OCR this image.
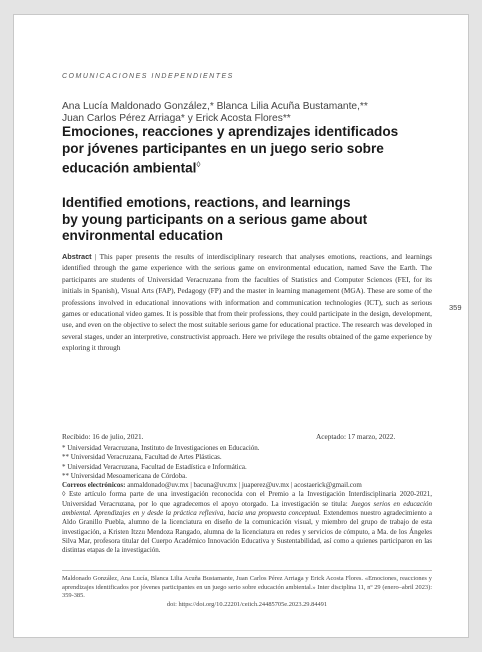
COMUNICACIONES INDEPENDIENTES
Ana Lucía Maldonado González,* Blanca Lilia Acuña Bustamante,**
Juan Carlos Pérez Arriaga* y Erick Acosta Flores**
Emociones, reacciones y aprendizajes identificados
por jóvenes participantes en un juego serio sobre
educación ambiental◊
Identified emotions, reactions, and learnings
by young participants on a serious game about
environmental education
Abstract | This paper presents the results of interdisciplinary research that analyses emotions, reactions, and learnings identified through the game experience with the serious game on environmental education, named Save the Earth. The participants are students of Universidad Veracruzana from the faculties of Statistics and Computer Sciences (FEI, for its initials in Spanish), Visual Arts (FAP), Pedagogy (FP) and the master in learning management (MGA). These are some of the professions involved in educational innovations with information and communication technologies (ICT), such as serious games or educational video games. It is possible that from their professions, they could participate in the design, development, use, and even on the objective to select the most suitable serious game for educational practice. The research was developed in several stages, under an interpretive, constructivist approach. Here we privilege the results obtained of the game experience by exploring it through
359
Recibido: 16 de julio, 2021.	Aceptado: 17 marzo, 2022.
* Universidad Veracruzana, Instituto de Investigaciones en Educación.
** Universidad Veracruzana, Facultad de Artes Plásticas.
* Universidad Veracruzana, Facultad de Estadística e Informática.
** Universidad Mesoamericana de Córdoba.
Correos electrónicos: anmaldonado@uv.mx | bacuna@uv.mx | juaperez@uv.mx | acostaerick@gmail.com
◊ Este artículo forma parte de una investigación reconocida con el Premio a la Investigación Interdisciplinaria 2020-2021, Universidad Veracruzana, por lo que agradecemos el apoyo otorgado. La investigación se titula: Juegos serios en educación ambiental. Aprendizajes en y desde la práctica reflexiva, hacia una propuesta conceptual. Extendemos nuestro agradecimiento a Aldo Granillo Puebla, alumno de la licenciatura en diseño de la comunicación visual, y miembro del grupo de trabajo de esta investigación, a Kristen Itzzu Mendoza Rangado, alumna de la licenciatura en redes y servicios de cómputo, a Ma. de los Ángeles Silva Mar, profesora titular del Cuerpo Académico Innovación Educativa y Sustentabilidad, así como a quienes participaron en las distintas etapas de la investigación.
Maldonado González, Ana Lucía, Blanca Lilia Acuña Bustamante, Juan Carlos Pérez Arriaga y Erick Acosta Flores. «Emociones, reacciones y aprendizajes identificados por jóvenes participantes en un juego serio sobre educación ambiental.» Inter disciplina 11, nº 29 (enero–abril 2023): 359-385.
doi: https://doi.org/10.22201/ceiich.24485705e.2023.29.84491
